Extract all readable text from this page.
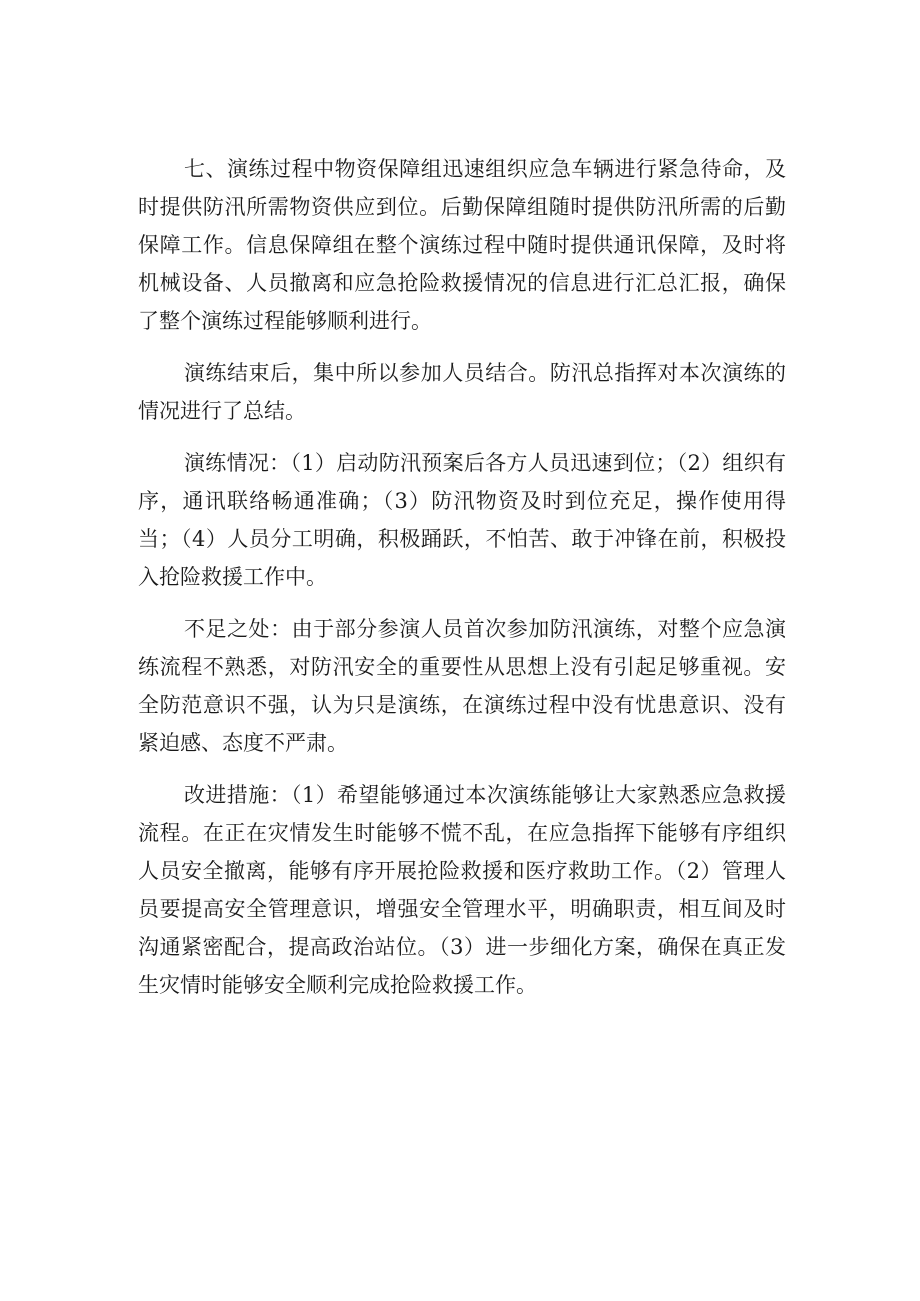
七、演练过程中物资保障组迅速组织应急车辆进行紧急待命，及时提供防汛所需物资供应到位。后勤保障组随时提供防汛所需的后勤保障工作。信息保障组在整个演练过程中随时提供通讯保障，及时将机械设备、人员撤离和应急抢险救援情况的信息进行汇总汇报，确保了整个演练过程能够顺利进行。

演练结束后，集中所以参加人员结合。防汛总指挥对本次演练的情况进行了总结。

演练情况：（1）启动防汛预案后各方人员迅速到位；（2）组织有序，通讯联络畅通准确；（3）防汛物资及时到位充足，操作使用得当；（4）人员分工明确，积极踊跃，不怕苦、敢于冲锋在前，积极投入抢险救援工作中。

不足之处：由于部分参演人员首次参加防汛演练，对整个应急演练流程不熟悉，对防汛安全的重要性从思想上没有引起足够重视。安全防范意识不强，认为只是演练，在演练过程中没有忧患意识、没有紧迫感、态度不严肃。

改进措施：（1）希望能够通过本次演练能够让大家熟悉应急救援流程。在正在灾情发生时能够不慌不乱，在应急指挥下能够有序组织人员安全撤离，能够有序开展抢险救援和医疗救助工作。（2）管理人员要提高安全管理意识，增强安全管理水平，明确职责，相互间及时沟通紧密配合，提高政治站位。（3）进一步细化方案，确保在真正发生灾情时能够安全顺利完成抢险救援工作。
